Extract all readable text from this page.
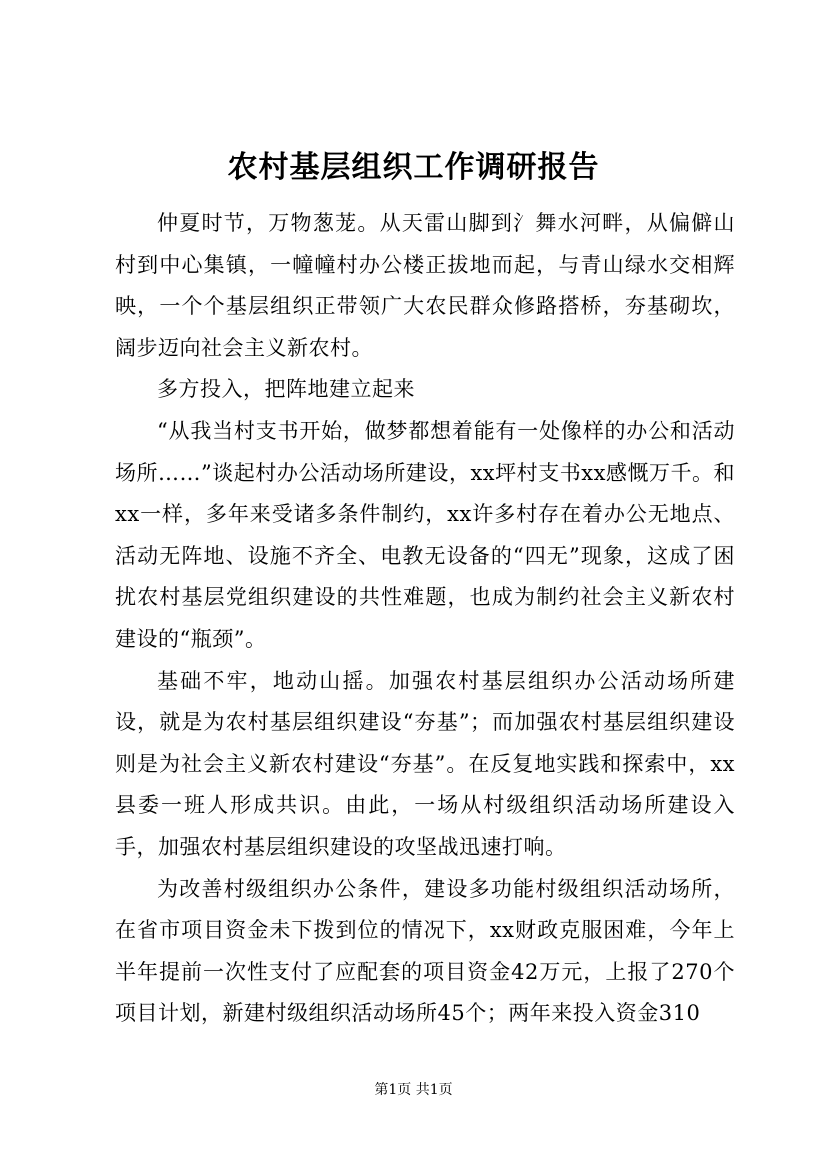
农村基层组织工作调研报告

仲夏时节，万物葱茏。从天雷山脚到氵舞水河畔，从偏僻山村到中心集镇，一幢幢村办公楼正拔地而起，与青山绿水交相辉映，一个个基层组织正带领广大农民群众修路搭桥，夯基砌坎，阔步迈向社会主义新农村。

多方投入，把阵地建立起来

“从我当村支书开始，做梦都想着能有一处像样的办公和活动场所……”谈起村办公活动场所建设，xx坪村支书xx感慨万千。和xx一样，多年来受诸多条件制约，xx许多村存在着办公无地点、活动无阵地、设施不齐全、电教无设备的“四无”现象，这成了困扰农村基层党组织建设的共性难题，也成为制约社会主义新农村建设的“瓶颈”。

基础不牢，地动山摇。加强农村基层组织办公活动场所建设，就是为农村基层组织建设“夯基”；而加强农村基层组织建设则是为社会主义新农村建设“夯基”。在反复地实践和探索中，xx县委一班人形成共识。由此，一场从村级组织活动场所建设入手，加强农村基层组织建设的攻坚战迅速打响。

为改善村级组织办公条件，建设多功能村级组织活动场所，在省市项目资金未下拨到位的情况下，xx财政克服困难，今年上半年提前一次性支付了应配套的项目资金42万元，上报了270个项目计划，新建村级组织活动场所45个；两年来投入资金310

第1页 共1页
